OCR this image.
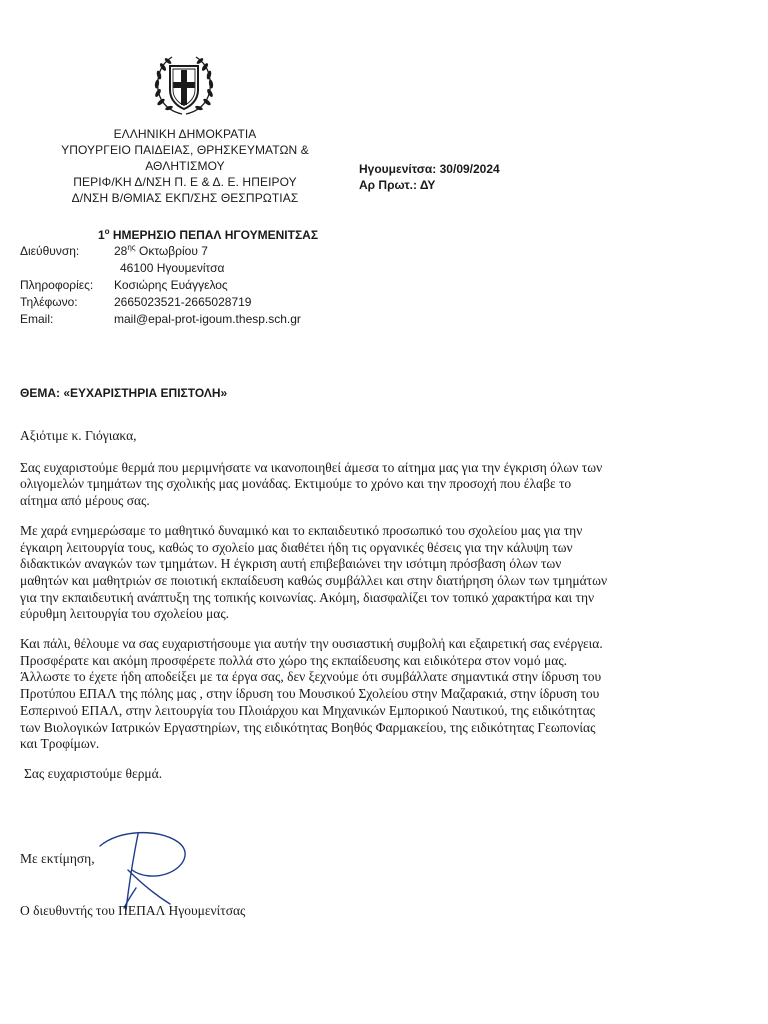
ΕΛΛΗΝΙΚΗ ΔΗΜΟΚΡΑΤΙΑ
ΥΠΟΥΡΓΕΙΟ ΠΑΙΔΕΙΑΣ, ΘΡΗΣΚΕΥΜΑΤΩΝ &
ΑΘΛΗΤΙΣΜΟΥ
ΠΕΡΙΦ/ΚΗ Δ/ΝΣΗ Π. Ε & Δ. Ε. ΗΠΕΙΡΟΥ
Δ/ΝΣΗ Β/ΘΜΙΑΣ ΕΚΠ/ΣΗΣ ΘΕΣΠΡΩΤΙΑΣ
Ηγουμενίτσα: 30/09/2024
Αρ Πρωτ.: ΔΥ
$1^o$ ΗΜΕΡΗΣΙΟ ΠΕΠΑΛ ΗΓΟΥΜΕΝΙΤΣΑΣ
Διεύθυνση:	$28^{\eta\varsigma}$ Οκτωβρίου 7
46100 Ηγουμενίτσα
Πληροφορίες:	Κοσιώρης Ευάγγελος
Τηλέφωνο:	2665023521-2665028719
Email:	mail@epal-prot-igoum.thesp.sch.gr
ΘΕΜΑ: «ΕΥΧΑΡΙΣΤΗΡΙΑ ΕΠΙΣΤΟΛΗ»

Αξιότιμε κ. Γιόγιακα,

Σας ευχαριστούμε θερμά που μεριμνήσατε να ικανοποιηθεί άμεσα το αίτημα μας για την έγκριση όλων των
ολιγομελών τμημάτων της σχολικής μας μονάδας. Εκτιμούμε το χρόνο και την προσοχή που έλαβε το
αίτημα από μέρους σας.

Με χαρά ενημερώσαμε το μαθητικό δυναμικό και το εκπαιδευτικό προσωπικό του σχολείου μας για την
έγκαιρη λειτουργία τους, καθώς το σχολείο μας διαθέτει ήδη τις οργανικές θέσεις για την κάλυψη των
διδακτικών αναγκών των τμημάτων. Η έγκριση αυτή επιβεβαιώνει την ισότιμη πρόσβαση όλων των
μαθητών και μαθητριών σε ποιοτική εκπαίδευση καθώς συμβάλλει και στην διατήρηση όλων των τμημάτων
για την εκπαιδευτική ανάπτυξη της τοπικής κοινωνίας. Ακόμη, διασφαλίζει τον τοπικό χαρακτήρα και την
εύρυθμη λειτουργία του σχολείου μας.

Και πάλι, θέλουμε να σας ευχαριστήσουμε για αυτήν την ουσιαστική συμβολή και εξαιρετική σας ενέργεια.
Προσφέρατε και ακόμη προσφέρετε πολλά στο χώρο της εκπαίδευσης και ειδικότερα στον νομό μας.
Άλλωστε το έχετε ήδη αποδείξει με τα έργα σας, δεν ξεχνούμε ότι συμβάλλατε σημαντικά στην ίδρυση του
Προτύπου ΕΠΑΛ της πόλης μας , στην ίδρυση του Μουσικού Σχολείου στην Μαζαρακιά, στην ίδρυση του
Εσπερινού ΕΠΑΛ, στην λειτουργία του Πλοιάρχου και Μηχανικών Εμπορικού Ναυτικού, της ειδικότητας
των Βιολογικών Ιατρικών Εργαστηρίων, της ειδικότητας Βοηθός Φαρμακείου, της ειδικότητας Γεωπονίας
και Τροφίμων.

Σας ευχαριστούμε θερμά.

Με εκτίμηση,
Ο διευθυντής του ΠΕΠΑΛ Ηγουμενίτσας
